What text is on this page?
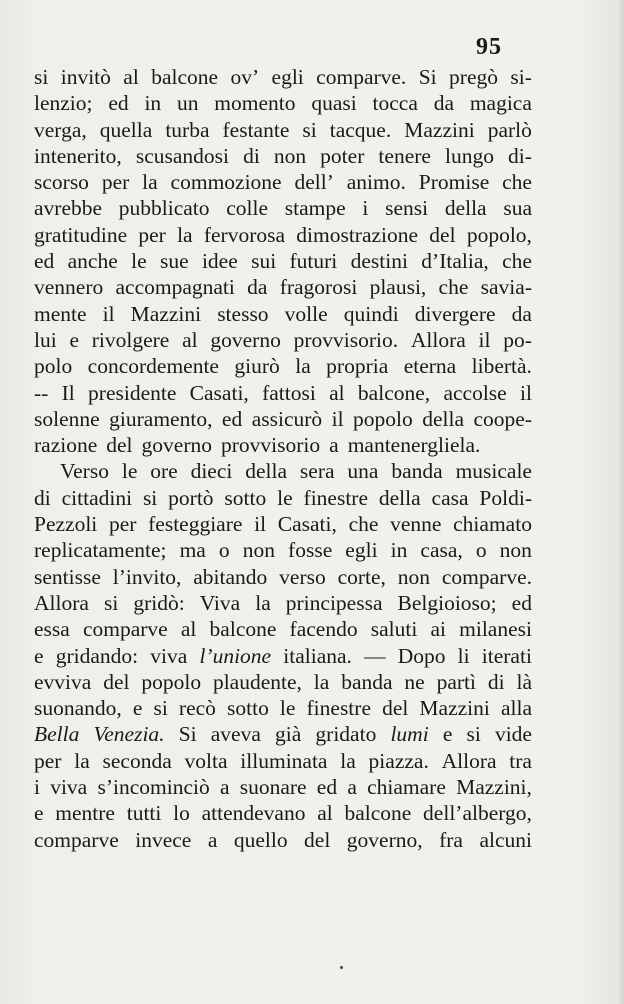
95
si invitò al balcone ov’ egli comparve. Si pregò si-
lenzio; ed in un momento quasi tocca da magica
verga, quella turba festante si tacque. Mazzini parlò
intenerito, scusandosi di non poter tenere lungo di-
scorso per la commozione dell’ animo. Promise che
avrebbe pubblicato colle stampe i sensi della sua
gratitudine per la fervorosa dimostrazione del popolo,
ed anche le sue idee sui futuri destini d’Italia, che
vennero accompagnati da fragorosi plausi, che savia-
mente il Mazzini stesso volle quindi divergere da
lui e rivolgere al governo provvisorio. Allora il po-
polo concordemente giurò la propria eterna libertà.
-- Il presidente Casati, fattosi al balcone, accolse il
solenne giuramento, ed assicurò il popolo della coope-
razione del governo provvisorio a mantenergliela.
Verso le ore dieci della sera una banda musicale
di cittadini si portò sotto le finestre della casa Poldi-
Pezzoli per festeggiare il Casati, che venne chiamato
replicatamente; ma o non fosse egli in casa, o non
sentisse l’invito, abitando verso corte, non comparve.
Allora si gridò: Viva la principessa Belgioioso; ed
essa comparve al balcone facendo saluti ai milanesi
e gridando: viva l’unione italiana. — Dopo li iterati
evviva del popolo plaudente, la banda ne partì di là
suonando, e si recò sotto le finestre del Mazzini alla
Bella Venezia. Si aveva già gridato lumi e si vide
per la seconda volta illuminata la piazza. Allora tra
i viva s’incominciò a suonare ed a chiamare Mazzini,
e mentre tutti lo attendevano al balcone dell’albergo,
comparve invece a quello del governo, fra alcuni
